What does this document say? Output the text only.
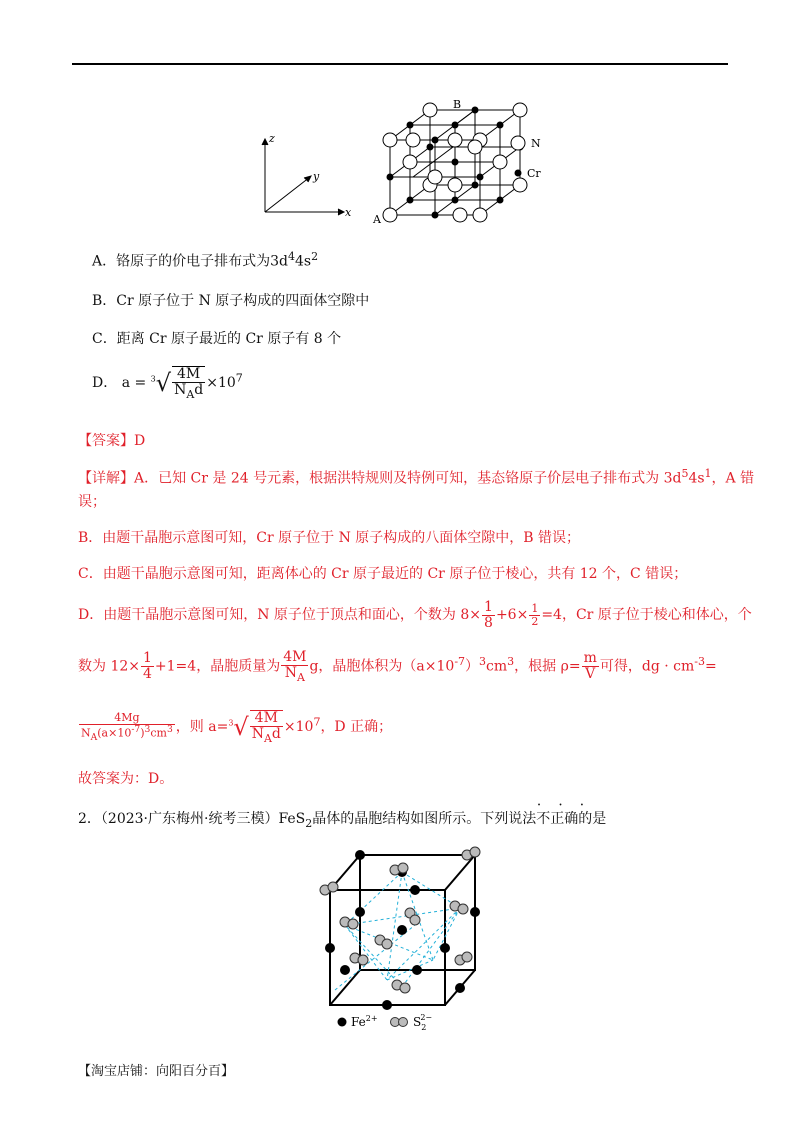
z
y
x
B
A
N
Cr
A．铬原子的价电子排布式为$3d^44s^2$
B．Cr 原子位于 N 原子构成的四面体空隙中
C．距离 Cr 原子最近的 Cr 原子有 8 个
D． $a = ^3√ \frac{4M}{N_Ad} \times 10^7$
【答案】D
【详解】A．已知 Cr 是 24 号元素，根据洪特规则及特例可知，基态铬原子价层电子排布式为 $3d^54s^1$，A 错
误；
B．由题干晶胞示意图可知，Cr 原子位于 N 原子构成的八面体空隙中，B 错误；
C．由题干晶胞示意图可知，距离体心的 Cr 原子最近的 Cr 原子位于棱心，共有 12 个，C 错误；
D．由题干晶胞示意图可知，N 原子位于顶点和面心，个数为 $8\times \frac{1}{8} +6\times \frac{1}{2} =4$，Cr 原子位于棱心和体心，个
数为 $12\times \frac{1}{4} +1=4$，晶胞质量为 $\frac{4M}{N_A}$ g，晶胞体积为$(a\times 10^{-7})^3cm^3$，根据 $\rho= \frac{m}{V}$ 可得，dg · $cm^{-3}=$
$\frac{4Mg}{N_A(a\times 10^{-7})^3cm^3}$ ，则 $a=^3√ \frac{4M}{N_Ad} \times 10^7$，D 正确；
故答案为：D。
2．（2023·广东梅州·统考三模）FeS$_2$晶体的晶胞结构如图所示。下列说法• • • 不正确的是
$Fe^{2+}$	$S_22-$
【淘宝店铺：向阳百分百】
